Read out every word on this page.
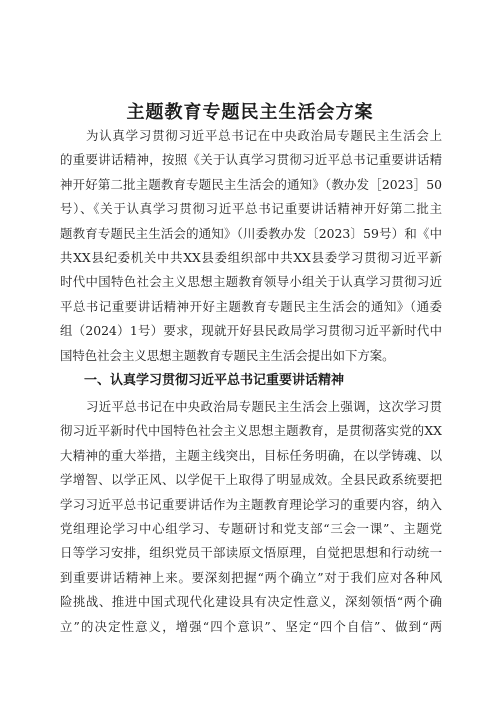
主题教育专题民主生活会方案
为认真学习贯彻习近平总书记在中央政治局专题民主生活会上
的重要讲话精神，按照《关于认真学习贯彻习近平总书记重要讲话精
神开好第二批主题教育专题民主生活会的通知》（教办发［2023］50
号）、《关于认真学习贯彻习近平总书记重要讲话精神开好第二批主
题教育专题民主生活会的通知》（川委教办发〔2023〕59号）和《中
共XX县纪委机关中共XX县委组织部中共XX县委学习贯彻习近平新
时代中国特色社会主义思想主题教育领导小组关于认真学习贯彻习近
平总书记重要讲话精神开好主题教育专题民主生活会的通知》（通委
组（2024）1号）要求，现就开好县民政局学习贯彻习近平新时代中
国特色社会主义思想主题教育专题民主生活会提出如下方案。
一、认真学习贯彻习近平总书记重要讲话精神
习近平总书记在中央政治局专题民主生活会上强调，这次学习贯
彻习近平新时代中国特色社会主义思想主题教育，是贯彻落实党的XX
大精神的重大举措，主题主线突出，目标任务明确，在以学铸魂、以
学增智、以学正风、以学促干上取得了明显成效。全县民政系统要把
学习习近平总书记重要讲话作为主题教育理论学习的重要内容，纳入
党组理论学习中心组学习、专题研讨和党支部“三会一课”、主题党
日等学习安排，组织党员干部读原文悟原理，自觉把思想和行动统一
到重要讲话精神上来。要深刻把握“两个确立”对于我们应对各种风
险挑战、推进中国式现代化建设具有决定性意义，深刻领悟“两个确
立”的决定性意义，增强“四个意识”、坚定“四个自信”、做到“两
